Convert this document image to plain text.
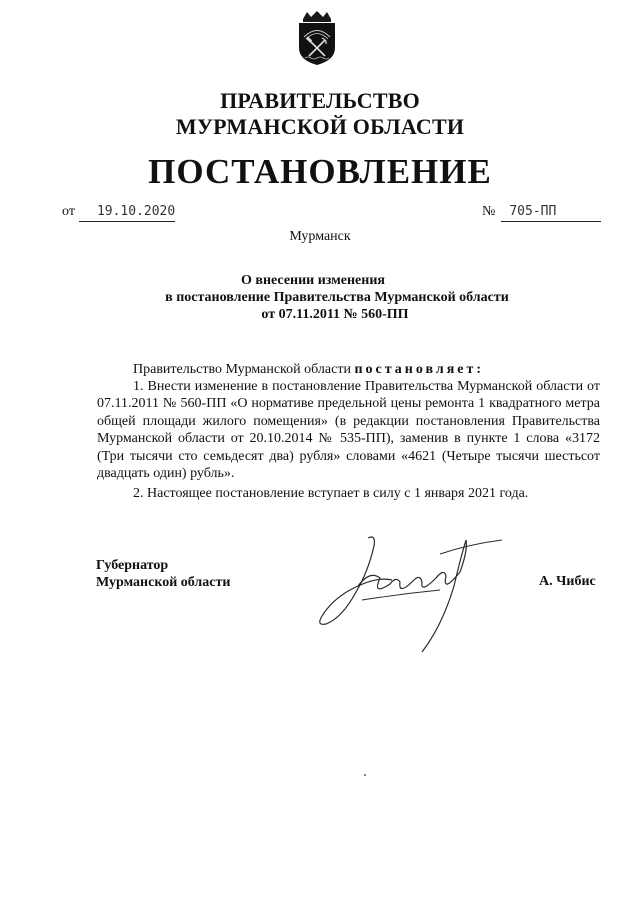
ПРАВИТЕЛЬСТВО
МУРМАНСКОЙ ОБЛАСТИ
ПОСТАНОВЛЕНИЕ
от 19.10.2020	№ 705-ПП
Мурманск
О внесении изменения
в постановление Правительства Мурманской области
от 07.11.2011 № 560-ПП
Правительство Мурманской области постановляет:
1. Внести изменение в постановление Правительства Мурманской области от 07.11.2011 № 560-ПП «О нормативе предельной цены ремонта 1 квадратного метра общей площади жилого помещения» (в редакции постановления Правительства Мурманской области от 20.10.2014 № 535-ПП), заменив в пункте 1 слова «3172 (Три тысячи сто семьдесят два) рубля» словами «4621 (Четыре тысячи шестьсот двадцать один) рубль».
2. Настоящее постановление вступает в силу с 1 января 2021 года.
Губернатор
Мурманской области	А. Чибис
